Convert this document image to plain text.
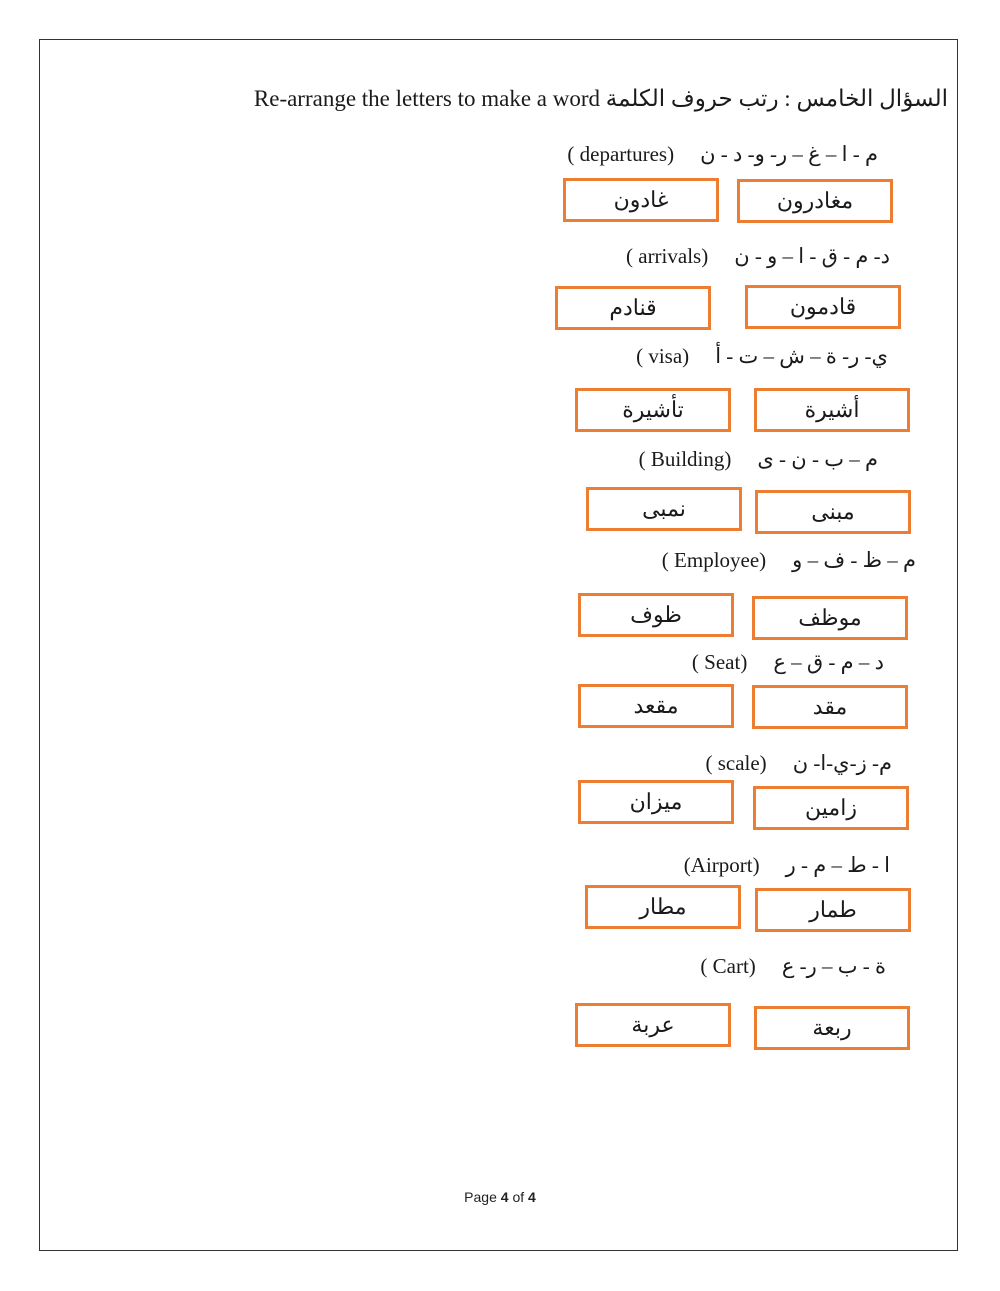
السؤال الخامس : رتب حروف الكلمة Re-arrange the letters to make a word
( departures) م - ا – غ – ر- و- د - ن
مغادرون
غادون
( arrivals) د- م - ق - ا – و - ن
قادمون
قنادم
( visa) ي- ر- ة – ش – ت - أ
أشيرة
تأشيرة
( Building) م – ب - ن - ى
مبنى
نمبى
( Employee) م – ظ - ف – و
موظف
ظوف
( Seat) د – م - ق – ع
مقد
مقعد
( scale) م- ز-ي-ا- ن
زامين
ميزان
(Airport) ا - ط – م - ر
طمار
مطار
( Cart) ة - ب – ر- ع
ربعة
عربة
Page 4 of 4
